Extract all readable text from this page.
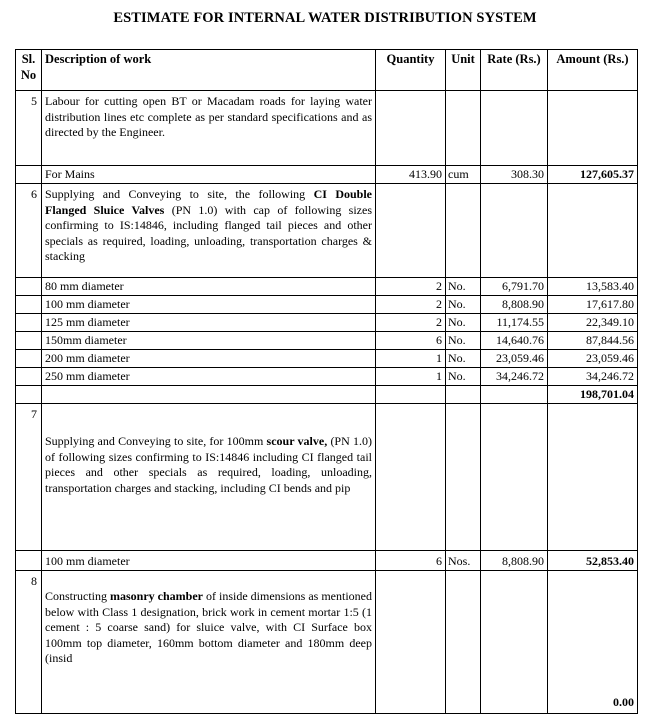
ESTIMATE FOR INTERNAL WATER DISTRIBUTION SYSTEM
Sl. No	Description of work	Quantity	Unit	Rate (Rs.)	Amount (Rs.)
5	Labour for cutting open BT or Macadam roads for laying water distribution lines etc complete as per standard specifications and as directed by the Engineer.				
	For Mains	413.90	cum	308.30	127,605.37
6	Supplying and Conveying to site, the following CI Double Flanged Sluice Valves (PN 1.0) with cap of following sizes confirming to IS:14846, including flanged tail pieces and other specials as required, loading, unloading, transportation charges & stacking				
	80 mm diameter	2	No.	6,791.70	13,583.40
	100 mm diameter	2	No.	8,808.90	17,617.80
	125 mm diameter	2	No.	11,174.55	22,349.10
	150mm diameter	6	No.	14,640.76	87,844.56
	200 mm diameter	1	No.	23,059.46	23,059.46
	250 mm diameter	1	No.	34,246.72	34,246.72
					198,701.04
7	Supplying and Conveying to site, for 100mm scour valve, (PN 1.0) of following sizes confirming to IS:14846 including CI flanged tail pieces and other specials as required, loading, unloading, transportation charges and stacking, including CI bends and pip				
	100 mm diameter	6	Nos.	8,808.90	52,853.40
8	Constructing masonry chamber of inside dimensions as mentioned below with Class 1 designation, brick work in cement mortar 1:5 (1 cement : 5 coarse sand) for sluice valve, with CI Surface box 100mm top diameter, 160mm bottom diameter and 180mm deep (insid				0.00
